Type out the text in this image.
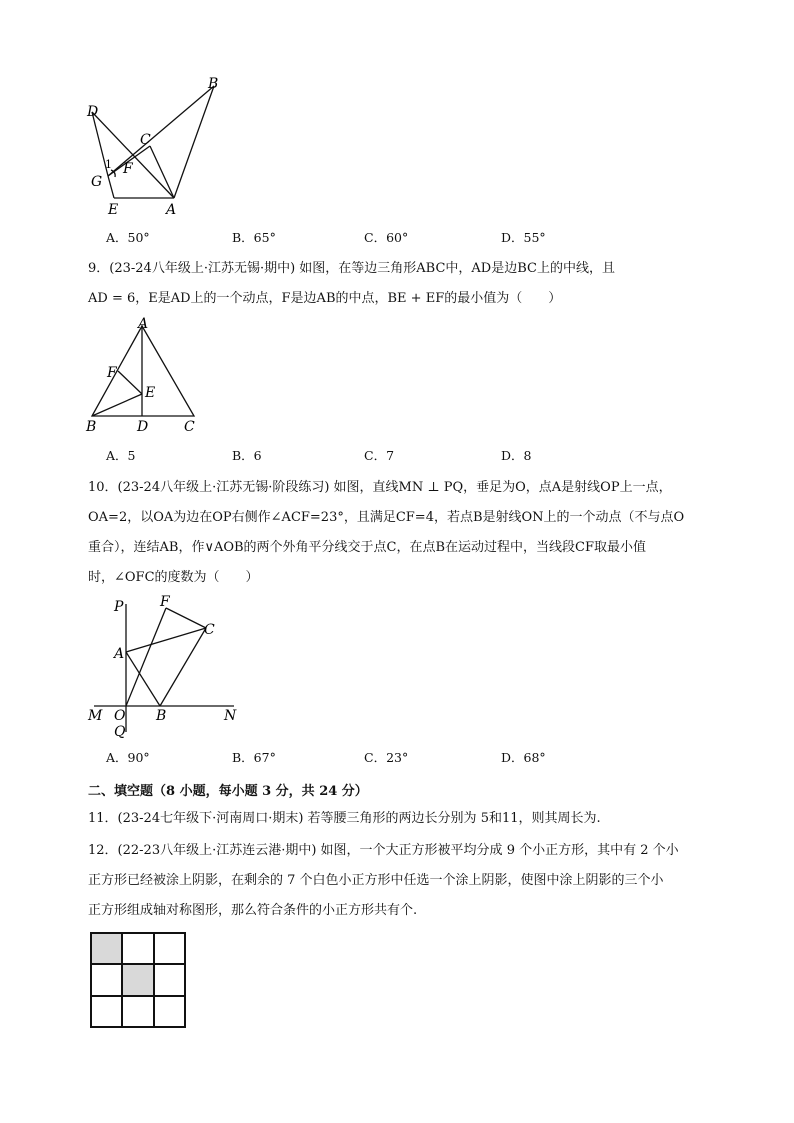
B
D
C
G
F
E	A
1
A．50°	B．65°	C．60°	D．55°
9．(23-24八年级上·江苏无锡·期中) 如图，在等边三角形ABC中，AD是边BC上的中线，且
AD = 6，E是AD上的一个动点，F是边AB的中点，BE + EF的最小值为（　　）
A
F
E
B	D	C
A．5	B．6	C．7	D．8
10．(23-24八年级上·江苏无锡·阶段练习) 如图，直线MN ⊥ PQ，垂足为O，点A是射线OP上一点，
OA=2，以OA为边在OP右侧作∠ACF=23°，且满足CF=4，若点B是射线ON上的一个动点（不与点O
重合），连结AB，作∨AOB的两个外角平分线交于点C，在点B在运动过程中，当线段CF取最小值
时，∠OFC的度数为（　　）
P	F
C
A
M O B	N
Q
A．90°	B．67°	C．23°	D．68°
二、填空题（8 小题，每小题 3 分，共 24 分）
11．(23-24七年级下·河南周口·期末) 若等腰三角形的两边长分别为 5和11，则其周长为.
12．(22-23八年级上·江苏连云港·期中) 如图，一个大正方形被平均分成 9 个小正方形，其中有 2 个小
正方形已经被涂上阴影，在剩余的 7 个白色小正方形中任选一个涂上阴影，使图中涂上阴影的三个小
正方形组成轴对称图形，那么符合条件的小正方形共有个.
